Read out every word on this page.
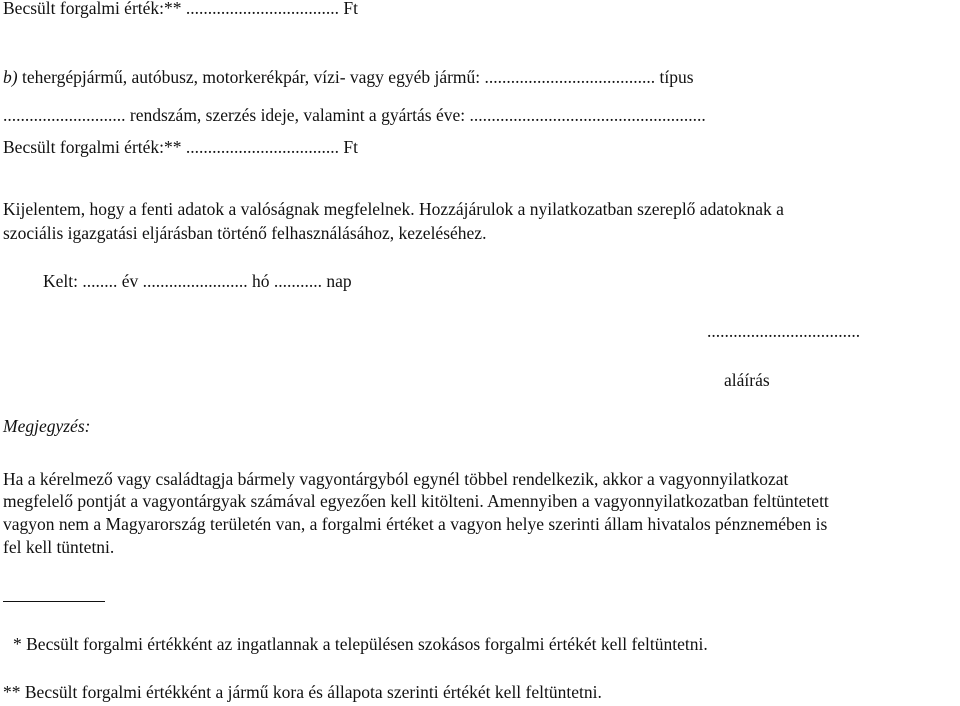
Becsült forgalmi érték:** ................................... Ft
b) tehergépjármű, autóbusz, motorkerékpár, vízi- vagy egyéb jármű: ....................................... típus
............................ rendszám, szerzés ideje, valamint a gyártás éve: ......................................................
Becsült forgalmi érték:** ................................... Ft
Kijelentem, hogy a fenti adatok a valóságnak megfelelnek. Hozzájárulok a nyilatkozatban szereplő adatoknak a
szociális igazgatási eljárásban történő felhasználásához, kezeléséhez.
Kelt: ........ év ........................ hó ........... nap
...................................
aláírás
Megjegyzés:
Ha a kérelmező vagy családtagja bármely vagyontárgyból egynél többel rendelkezik, akkor a vagyonnyilatkozat
megfelelő pontját a vagyontárgyak számával egyezően kell kitölteni. Amennyiben a vagyonnyilatkozatban feltüntetett
vagyon nem a Magyarország területén van, a forgalmi értéket a vagyon helye szerinti állam hivatalos pénznemében is
fel kell tüntetni.
* Becsült forgalmi értékként az ingatlannak a településen szokásos forgalmi értékét kell feltüntetni.
** Becsült forgalmi értékként a jármű kora és állapota szerinti értékét kell feltüntetni.
